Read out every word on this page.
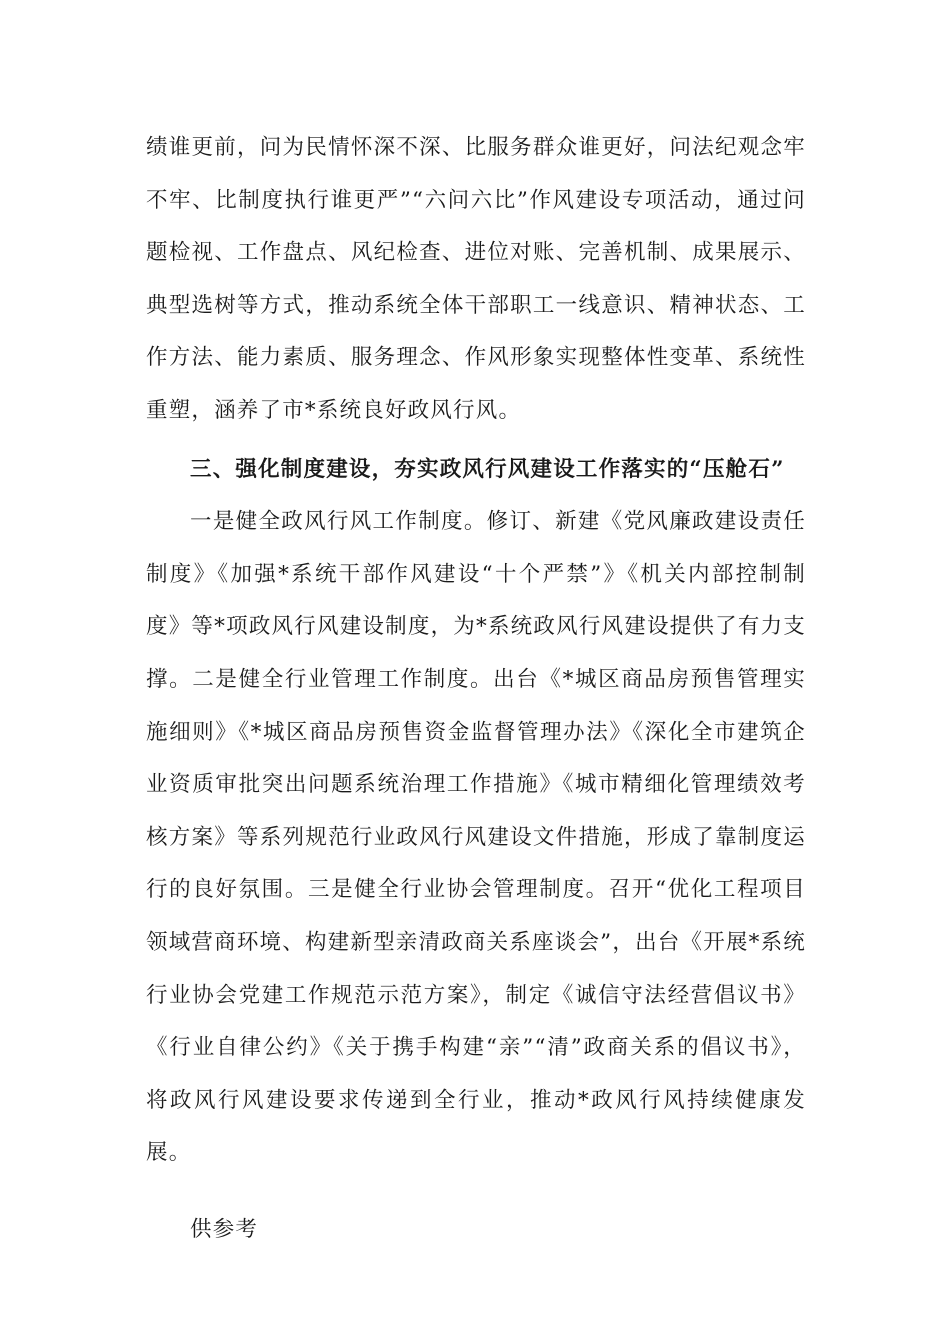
绩谁更前，问为民情怀深不深、比服务群众谁更好，问法纪观念牢不牢、比制度执行谁更严”“六问六比”作风建设专项活动，通过问题检视、工作盘点、风纪检查、进位对账、完善机制、成果展示、典型选树等方式，推动系统全体干部职工一线意识、精神状态、工作方法、能力素质、服务理念、作风形象实现整体性变革、系统性重塑，涵养了市*系统良好政风行风。

三、强化制度建设，夯实政风行风建设工作落实的“压舱石”

一是健全政风行风工作制度。修订、新建《党风廉政建设责任制度》《加强*系统干部作风建设“十个严禁”》《机关内部控制制度》等*项政风行风建设制度，为*系统政风行风建设提供了有力支撑。二是健全行业管理工作制度。出台《*城区商品房预售管理实施细则》《*城区商品房预售资金监督管理办法》《深化全市建筑企业资质审批突出问题系统治理工作措施》《城市精细化管理绩效考核方案》等系列规范行业政风行风建设文件措施，形成了靠制度运行的良好氛围。三是健全行业协会管理制度。召开“优化工程项目领域营商环境、构建新型亲清政商关系座谈会”，出台《开展*系统行业协会党建工作规范示范方案》，制定《诚信守法经营倡议书》《行业自律公约》《关于携手构建“亲”“清”政商关系的倡议书》，将政风行风建设要求传递到全行业，推动*政风行风持续健康发展。

供参考
